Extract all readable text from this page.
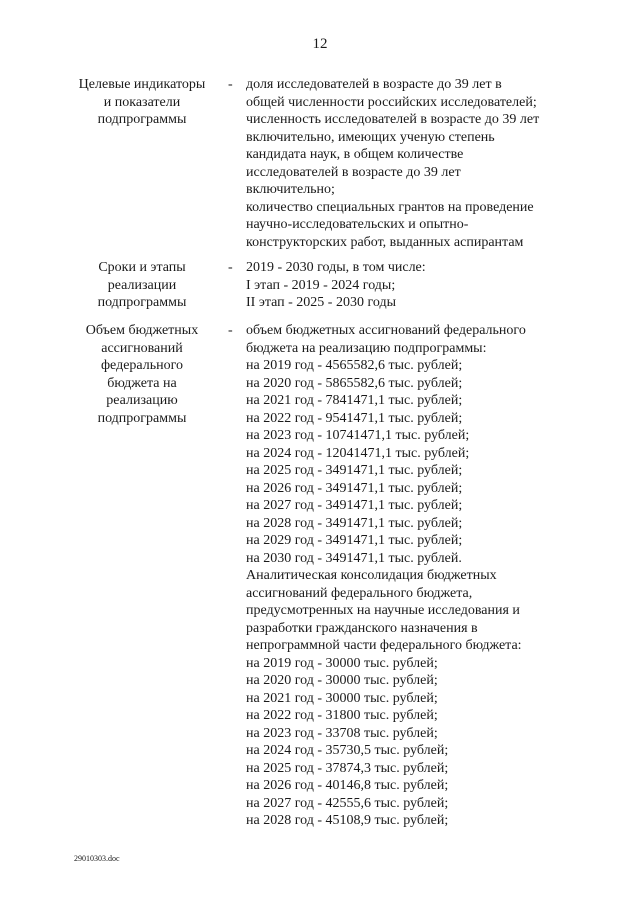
12
Целевые индикаторы
и показатели
подпрограммы
- доля исследователей в возрасте до 39 лет в
общей численности российских исследователей;
численность исследователей в возрасте до 39 лет
включительно, имеющих ученую степень
кандидата наук, в общем количестве
исследователей в возрасте до 39 лет
включительно;
количество специальных грантов на проведение
научно-исследовательских и опытно-
конструкторских работ, выданных аспирантам
Сроки и этапы
реализации
подпрограммы
- 2019 - 2030 годы, в том числе:
I этап - 2019 - 2024 годы;
II этап - 2025 - 2030 годы
Объем бюджетных
ассигнований
федерального
бюджета на
реализацию
подпрограммы
- объем бюджетных ассигнований федерального
бюджета на реализацию подпрограммы:
на 2019 год - 4565582,6 тыс. рублей;
на 2020 год - 5865582,6 тыс. рублей;
на 2021 год - 7841471,1 тыс. рублей;
на 2022 год - 9541471,1 тыс. рублей;
на 2023 год - 10741471,1 тыс. рублей;
на 2024 год - 12041471,1 тыс. рублей;
на 2025 год - 3491471,1 тыс. рублей;
на 2026 год - 3491471,1 тыс. рублей;
на 2027 год - 3491471,1 тыс. рублей;
на 2028 год - 3491471,1 тыс. рублей;
на 2029 год - 3491471,1 тыс. рублей;
на 2030 год - 3491471,1 тыс. рублей.
Аналитическая консолидация бюджетных
ассигнований федерального бюджета,
предусмотренных на научные исследования и
разработки гражданского назначения в
непрограммной части федерального бюджета:
на 2019 год - 30000 тыс. рублей;
на 2020 год - 30000 тыс. рублей;
на 2021 год - 30000 тыс. рублей;
на 2022 год - 31800 тыс. рублей;
на 2023 год - 33708 тыс. рублей;
на 2024 год - 35730,5 тыс. рублей;
на 2025 год - 37874,3 тыс. рублей;
на 2026 год - 40146,8 тыс. рублей;
на 2027 год - 42555,6 тыс. рублей;
на 2028 год - 45108,9 тыс. рублей;
29010303.doc
